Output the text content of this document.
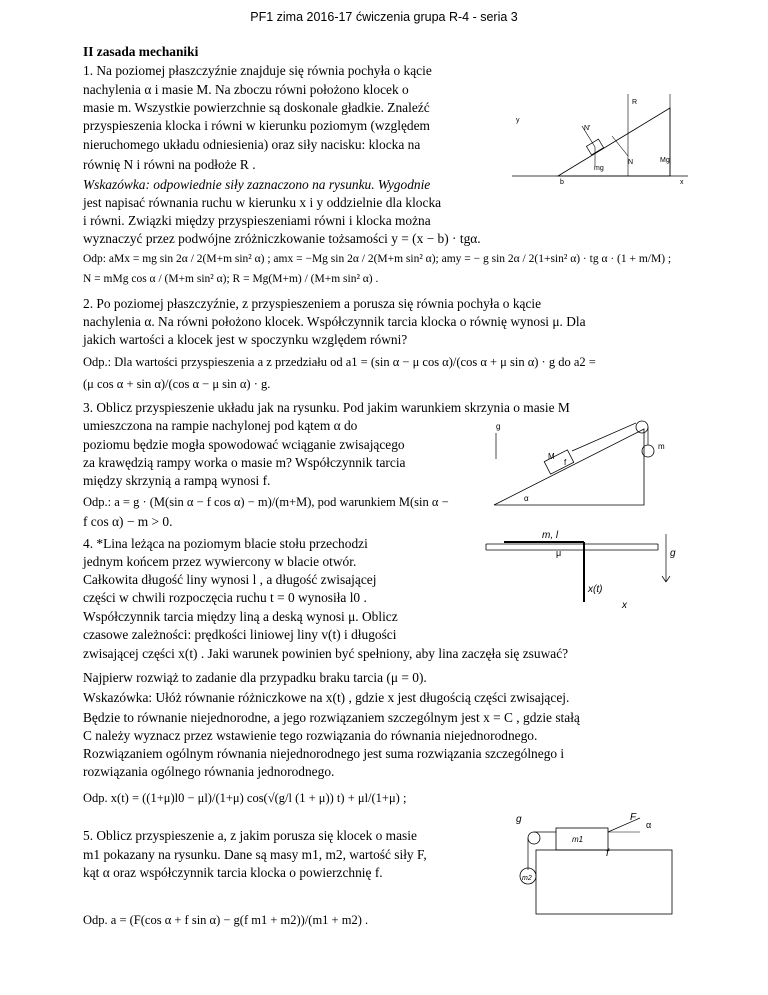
PF1 zima 2016-17 ćwiczenia grupa R-4 - seria 3
II zasada mechaniki
1. Na poziomej płaszczyźnie znajduje się równia pochyła o kącie
nachylenia α i masie M. Na zboczu równi położono klocek o
masie m. Wszystkie powierzchnie są doskonale gładkie. Znaleźć
przyspieszenia klocka i równi w kierunku poziomym (względem
nieruchomego układu odniesienia) oraz siły nacisku: klocka na
równię N i równi na podłoże R .
Wskazówka: odpowiednie siły zaznaczono na rysunku. Wygodnie
jest napisać równania ruchu w kierunku x i y oddzielnie dla klocka
i równi. Związki między przyspieszeniami równi i klocka można
wyznaczyć przez podwójne zróżniczkowanie tożsamości y = (x − b) · tgα.
Odp: aMx = mg sin 2α / 2(M+m sin² α) ; amx = −Mg sin 2α / 2(M+m sin² α); amy = − g sin 2α / 2(1+sin² α) · tg α · (1 + m/M) ;
N = mMg cos α / (M+m sin² α); R = Mg(M+m) / (M+m sin² α) .
2. Po poziomej płaszczyźnie, z przyspieszeniem a porusza się równia pochyła o kącie
nachylenia α. Na równi położono klocek. Współczynnik tarcia klocka o równię wynosi μ. Dla
jakich wartości a klocek jest w spoczynku względem równi?
Odp.: Dla wartości przyspieszenia a z przedziału od a1 = (sin α − μ cos α)/(cos α + μ sin α) · g do a2 =
(μ cos α + sin α)/(cos α − μ sin α) · g.
3. Oblicz przyspieszenie układu jak na rysunku. Pod jakim warunkiem skrzynia o masie M
umieszczona na rampie nachylonej pod kątem α do
poziomu będzie mogła spowodować wciąganie zwisającego
za krawędzią rampy worka o masie m? Współczynnik tarcia
między skrzynią a rampą wynosi f.
Odp.: a = g · (M(sin α − f cos α) − m)/(m+M), pod warunkiem M(sin α −
f cos α) − m > 0.
4. *Lina leżąca na poziomym blacie stołu przechodzi
jednym końcem przez wywiercony w blacie otwór.
Całkowita długość liny wynosi l , a długość zwisającej
części w chwili rozpoczęcia ruchu t = 0 wynosiła l0 .
Współczynnik tarcia między liną a deską wynosi μ. Oblicz
czasowe zależności: prędkości liniowej liny v(t) i długości
zwisającej części x(t) . Jaki warunek powinien być spełniony, aby lina zaczęła się zsuwać?
Najpierw rozwiąż to zadanie dla przypadku braku tarcia (μ = 0).
Wskazówka: Ułóż równanie różniczkowe na x(t) , gdzie x jest długością części zwisającej.
Będzie to równanie niejednorodne, a jego rozwiązaniem szczególnym jest x = C , gdzie stałą
C należy wyznacz przez wstawienie tego rozwiązania do równania niejednorodnego.
Rozwiązaniem ogólnym równania niejednorodnego jest suma rozwiązania szczególnego i
rozwiązania ogólnego równania jednorodnego.
Odp. x(t) = ((1+μ)l0 − μl)/(1+μ) cos(√(g/l (1 + μ)) t) + μl/(1+μ) ;
5. Oblicz przyspieszenie a, z jakim porusza się klocek o masie
m1 pokazany na rysunku. Dane są masy m1, m2, wartość siły F,
kąt α oraz współczynnik tarcia klocka o powierzchnię f.
Odp. a = (F(cos α + f sin α) − g(f m1 + m2))/(m1 + m2) .
R
y
N'
N
mg
Mg
b	x
g
m
M
f
α
m, l
μ	g
x(t)
x
F
g	α
m1
f
m2
